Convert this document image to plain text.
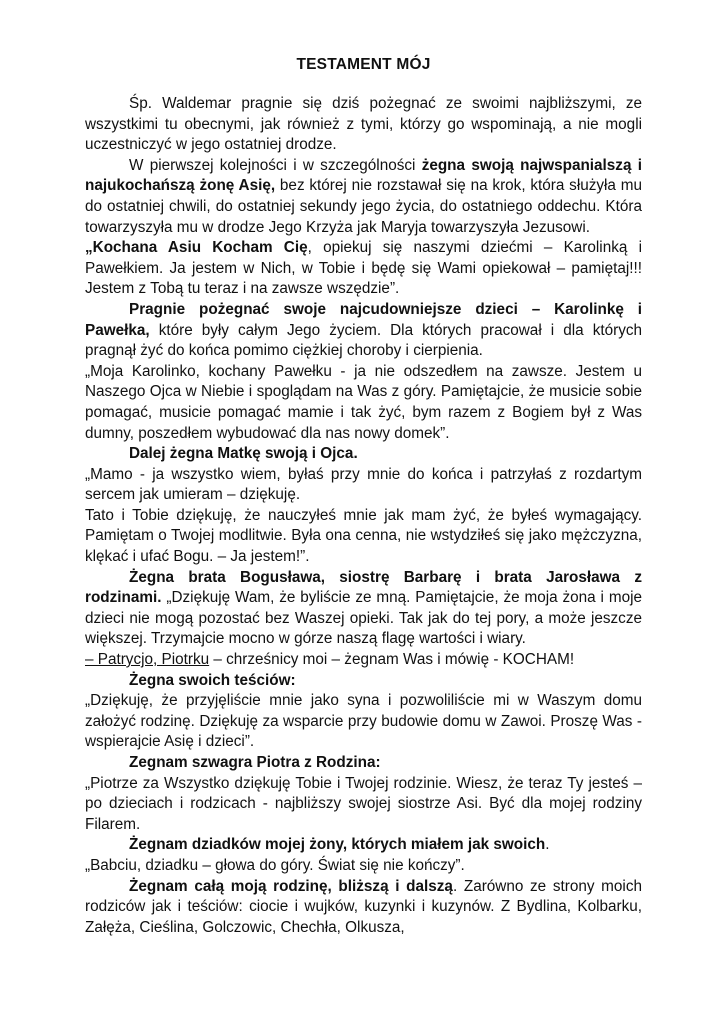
TESTAMENT MÓJ

Śp. Waldemar pragnie się dziś pożegnać ze swoimi najbliższymi, ze wszystkimi tu obecnymi, jak również z tymi, którzy go wspominają, a nie mogli uczestniczyć w jego ostatniej drodze.

W pierwszej kolejności i w szczególności żegna swoją najwspanialszą i najukochańszą żonę Asię, bez której nie rozstawał się na krok, która służyła mu do ostatniej chwili, do ostatniej sekundy jego życia, do ostatniego oddechu. Która towarzyszyła mu w drodze Jego Krzyża jak Maryja towarzyszyła Jezusowi.

„Kochana Asiu Kocham Cię, opiekuj się naszymi dziećmi – Karolinką i Pawełkiem. Ja jestem w Nich, w Tobie i będę się Wami opiekował – pamiętaj!!! Jestem z Tobą tu teraz i na zawsze wszędzie”.

Pragnie pożegnać swoje najcudowniejsze dzieci – Karolinkę i Pawełka, które były całym Jego życiem. Dla których pracował i dla których pragnął żyć do końca pomimo ciężkiej choroby i cierpienia.

„Moja Karolinko, kochany Pawełku - ja nie odszedłem na zawsze. Jestem u Naszego Ojca w Niebie i spoglądam na Was z góry. Pamiętajcie, że musicie sobie pomagać, musicie pomagać mamie i tak żyć, bym razem z Bogiem był z Was dumny, poszedłem wybudować dla nas nowy domek”.

Dalej żegna Matkę swoją i Ojca.

„Mamo - ja wszystko wiem, byłaś przy mnie do końca i patrzyłaś z rozdartym sercem jak umieram – dziękuję.

Tato i Tobie dziękuję, że nauczyłeś mnie jak mam żyć, że byłeś wymagający. Pamiętam o Twojej modlitwie. Była ona cenna, nie wstydziłeś się jako mężczyzna, klękać i ufać Bogu. – Ja jestem!”.

Żegna brata Bogusława, siostrę Barbarę i brata Jarosława z rodzinami. „Dziękuję Wam, że byliście ze mną. Pamiętajcie, że moja żona i moje dzieci nie mogą pozostać bez Waszej opieki. Tak jak do tej pory, a może jeszcze większej. Trzymajcie mocno w górze naszą flagę wartości i wiary.

– Patrycjo, Piotrku – chrześnicy moi – żegnam Was i mówię - KOCHAM!

Żegna swoich teściów:

„Dziękuję, że przyjęliście mnie jako syna i pozwoliliście mi w Waszym domu założyć rodzinę. Dziękuję za wsparcie przy budowie domu w Zawoi. Proszę Was - wspierajcie Asię i dzieci”.

Zegnam szwagra Piotra z Rodzina:

„Piotrze za Wszystko dziękuję Tobie i Twojej rodzinie. Wiesz, że teraz Ty jesteś – po dzieciach i rodzicach - najbliższy swojej siostrze Asi. Być dla mojej rodziny Filarem.

Żegnam dziadków mojej żony, których miałem jak swoich.

„Babciu, dziadku – głowa do góry. Świat się nie kończy”.

Żegnam całą moją rodzinę, bliższą i dalszą. Zarówno ze strony moich rodziców jak i teściów: ciocie i wujków, kuzynki i kuzynów. Z Bydlina, Kolbarku, Załęża, Cieślina, Golczowic, Chechła, Olkusza,
